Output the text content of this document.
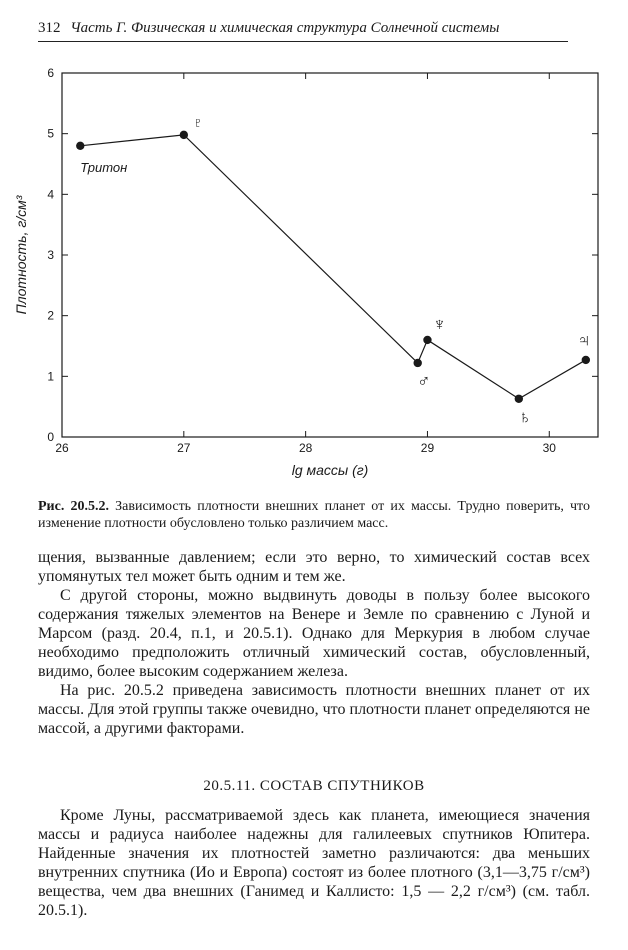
312 Часть Г. Физическая и химическая структура Солнечной системы
26	27	28	29	30
0
1
2
3
4
5
6
Тритон
♇
♂
♆
♄
♃
lg массы (г)
Плотность, г/см³
Рис. 20.5.2. Зависимость плотности внешних планет от их массы. Трудно поверить, что изменение плотности обусловлено только различием масс.

щения, вызванные давлением; если это верно, то химический состав всех упомянутых тел может быть одним и тем же.

С другой стороны, можно выдвинуть доводы в пользу более высокого содержания тяжелых элементов на Венере и Земле по сравнению с Луной и Марсом (разд. 20.4, п.1, и 20.5.1). Однако для Меркурия в любом случае необходимо предположить отличный химический состав, обусловленный, видимо, более высоким содержанием железа.

На рис. 20.5.2 приведена зависимость плотности внешних планет от их массы. Для этой группы также очевидно, что плотности планет определяются не массой, а другими факторами.

20.5.11. СОСТАВ СПУТНИКОВ

Кроме Луны, рассматриваемой здесь как планета, имеющиеся значения массы и радиуса наиболее надежны для галилеевых спутников Юпитера. Найденные значения их плотностей заметно различаются: два меньших внутренних спутника (Ио и Европа) состоят из более плотного (3,1—3,75 г/см³) вещества, чем два внешних (Ганимед и Каллисто: 1,5 — 2,2 г/см³) (см. табл. 20.5.1).
